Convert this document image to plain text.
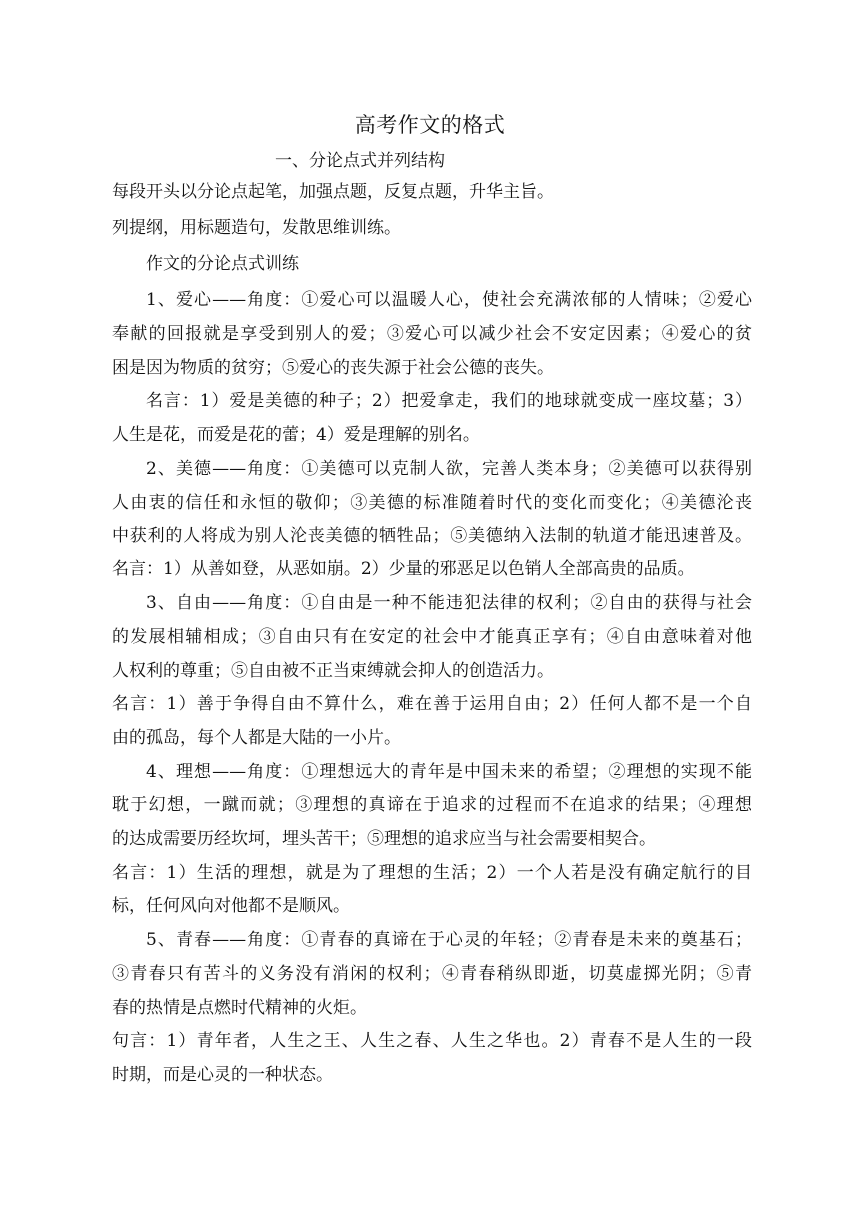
高考作文的格式
一、分论点式并列结构
每段开头以分论点起笔，加强点题，反复点题，升华主旨。
列提纲，用标题造句，发散思维训练。
作文的分论点式训练
1、爱心——角度：①爱心可以温暖人心，使社会充满浓郁的人情味；②爱心
奉献的回报就是享受到别人的爱；③爱心可以减少社会不安定因素；④爱心的贫
困是因为物质的贫穷；⑤爱心的丧失源于社会公德的丧失。
名言：1）爱是美德的种子；2）把爱拿走，我们的地球就变成一座坟墓；3）
人生是花，而爱是花的蕾；4）爱是理解的别名。
2、美德——角度：①美德可以克制人欲，完善人类本身；②美德可以获得别
人由衷的信任和永恒的敬仰；③美德的标准随着时代的变化而变化；④美德沦丧
中获利的人将成为别人沦丧美德的牺牲品；⑤美德纳入法制的轨道才能迅速普及。
名言：1）从善如登，从恶如崩。2）少量的邪恶足以色销人全部高贵的品质。
3、自由——角度：①自由是一种不能违犯法律的权利；②自由的获得与社会
的发展相辅相成；③自由只有在安定的社会中才能真正享有；④自由意味着对他
人权利的尊重；⑤自由被不正当束缚就会抑人的创造活力。
名言：1）善于争得自由不算什么，难在善于运用自由；2）任何人都不是一个自
由的孤岛，每个人都是大陆的一小片。
4、理想——角度：①理想远大的青年是中国未来的希望；②理想的实现不能
耽于幻想，一蹴而就；③理想的真谛在于追求的过程而不在追求的结果；④理想
的达成需要历经坎坷，埋头苦干；⑤理想的追求应当与社会需要相契合。
名言：1）生活的理想，就是为了理想的生活；2）一个人若是没有确定航行的目
标，任何风向对他都不是顺风。
5、青春——角度：①青春的真谛在于心灵的年轻；②青春是未来的奠基石；
③青春只有苦斗的义务没有消闲的权利；④青春稍纵即逝，切莫虚掷光阴；⑤青
春的热情是点燃时代精神的火炬。
句言：1）青年者，人生之王、人生之春、人生之华也。2）青春不是人生的一段
时期，而是心灵的一种状态。
